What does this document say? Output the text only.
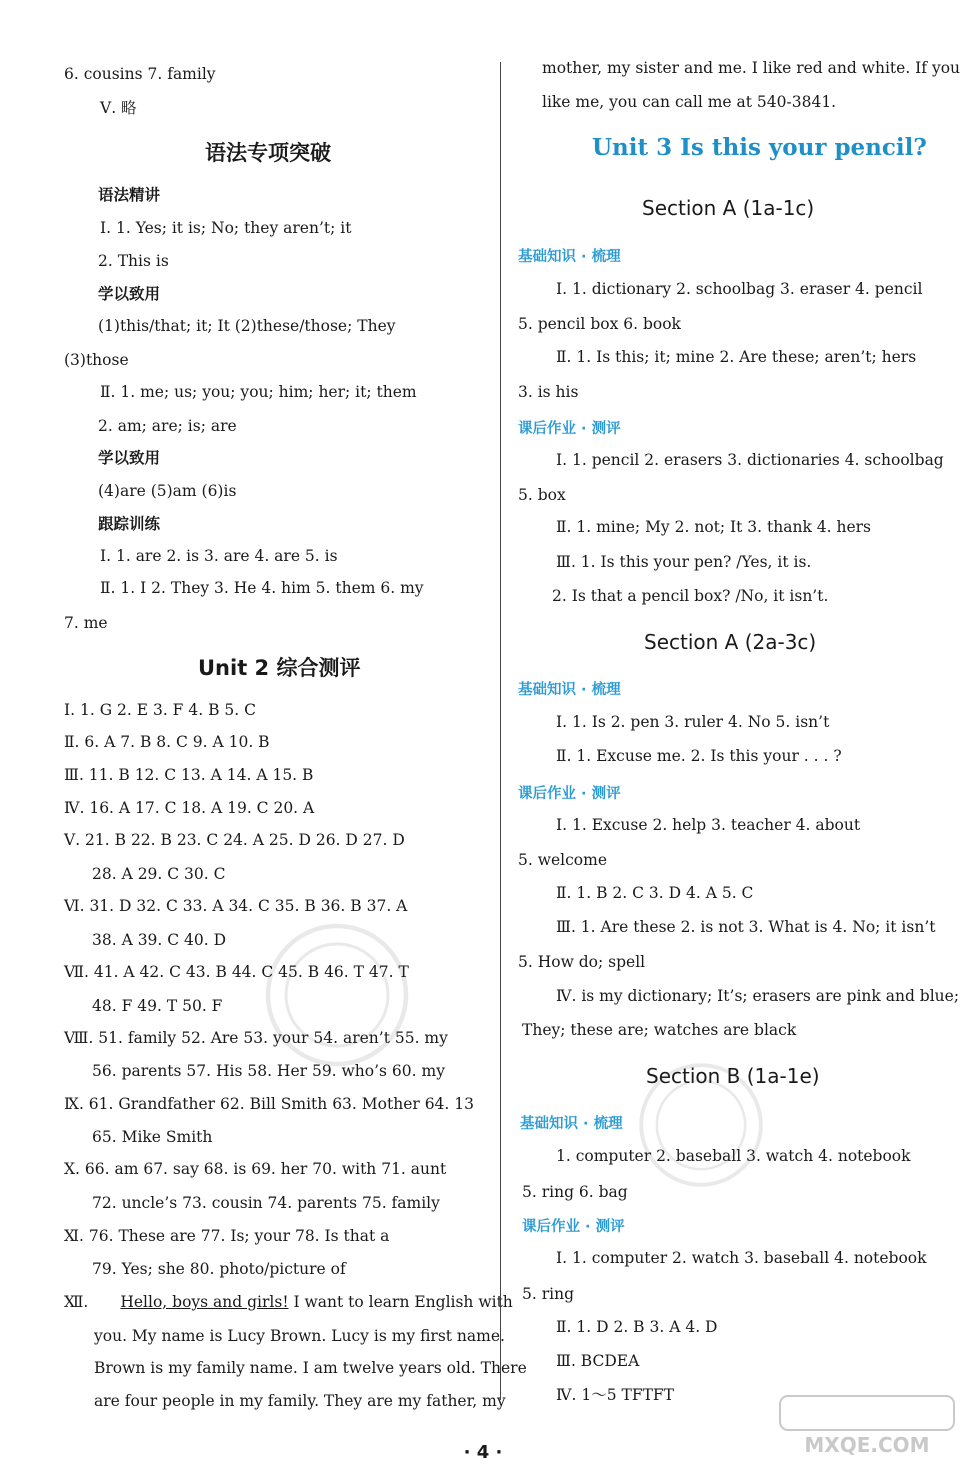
6. cousins 7. family
Ⅴ. 略
语法专项突破
语法精讲
Ⅰ. 1. Yes; it is; No; they aren’t; it
2. This is
学以致用
(1)this/that; it; It (2)these/those; They
(3)those
Ⅱ. 1. me; us; you; you; him; her; it; them
2. am; are; is; are
学以致用
(4)are (5)am (6)is
跟踪训练
Ⅰ. 1. are 2. is 3. are 4. are 5. is
Ⅱ. 1. I 2. They 3. He 4. him 5. them 6. my
7. me
Unit 2 综合测评
Ⅰ. 1. G 2. E 3. F 4. B 5. C
Ⅱ. 6. A 7. B 8. C 9. A 10. B
Ⅲ. 11. B 12. C 13. A 14. A 15. B
Ⅳ. 16. A 17. C 18. A 19. C 20. A
Ⅴ. 21. B 22. B 23. C 24. A 25. D 26. D 27. D
28. A 29. C 30. C
Ⅵ. 31. D 32. C 33. A 34. C 35. B 36. B 37. A
38. A 39. C 40. D
Ⅶ. 41. A 42. C 43. B 44. C 45. B 46. T 47. T
48. F 49. T 50. F
Ⅷ. 51. family 52. Are 53. your 54. aren’t 55. my
56. parents 57. His 58. Her 59. who’s 60. my
Ⅸ. 61. Grandfather 62. Bill Smith 63. Mother 64. 13
65. Mike Smith
Ⅹ. 66. am 67. say 68. is 69. her 70. with 71. aunt
72. uncle’s 73. cousin 74. parents 75. family
Ⅺ. 76. These are 77. Is; your 78. Is that a
79. Yes; she 80. photo/picture of
Ⅻ. Hello, boys and girls! I want to learn English with
you. My name is Lucy Brown. Lucy is my first name.
Brown is my family name. I am twelve years old. There
are four people in my family. They are my father, my
mother, my sister and me. I like red and white. If you
like me, you can call me at 540-3841.
Unit 3 Is this your pencil?
Section A (1a-1c)
基础知识 · 梳理
Ⅰ. 1. dictionary 2. schoolbag 3. eraser 4. pencil
5. pencil box 6. book
Ⅱ. 1. Is this; it; mine 2. Are these; aren’t; hers
3. is his
课后作业 · 测评
Ⅰ. 1. pencil 2. erasers 3. dictionaries 4. schoolbag
5. box
Ⅱ. 1. mine; My 2. not; It 3. thank 4. hers
Ⅲ. 1. Is this your pen? /Yes, it is.
2. Is that a pencil box? /No, it isn’t.
Section A (2a-3c)
基础知识 · 梳理
Ⅰ. 1. Is 2. pen 3. ruler 4. No 5. isn’t
Ⅱ. 1. Excuse me. 2. Is this your . . . ?
课后作业 · 测评
Ⅰ. 1. Excuse 2. help 3. teacher 4. about
5. welcome
Ⅱ. 1. B 2. C 3. D 4. A 5. C
Ⅲ. 1. Are these 2. is not 3. What is 4. No; it isn’t
5. How do; spell
Ⅳ. is my dictionary; It’s; erasers are pink and blue;
They; these are; watches are black
Section B (1a-1e)
基础知识 · 梳理
1. computer 2. baseball 3. watch 4. notebook
5. ring 6. bag
课后作业 · 测评
Ⅰ. 1. computer 2. watch 3. baseball 4. notebook
5. ring
Ⅱ. 1. D 2. B 3. A 4. D
Ⅲ. BCDEA
Ⅳ. 1～5 TFTFT
· 4 ·	MXQE.COM
